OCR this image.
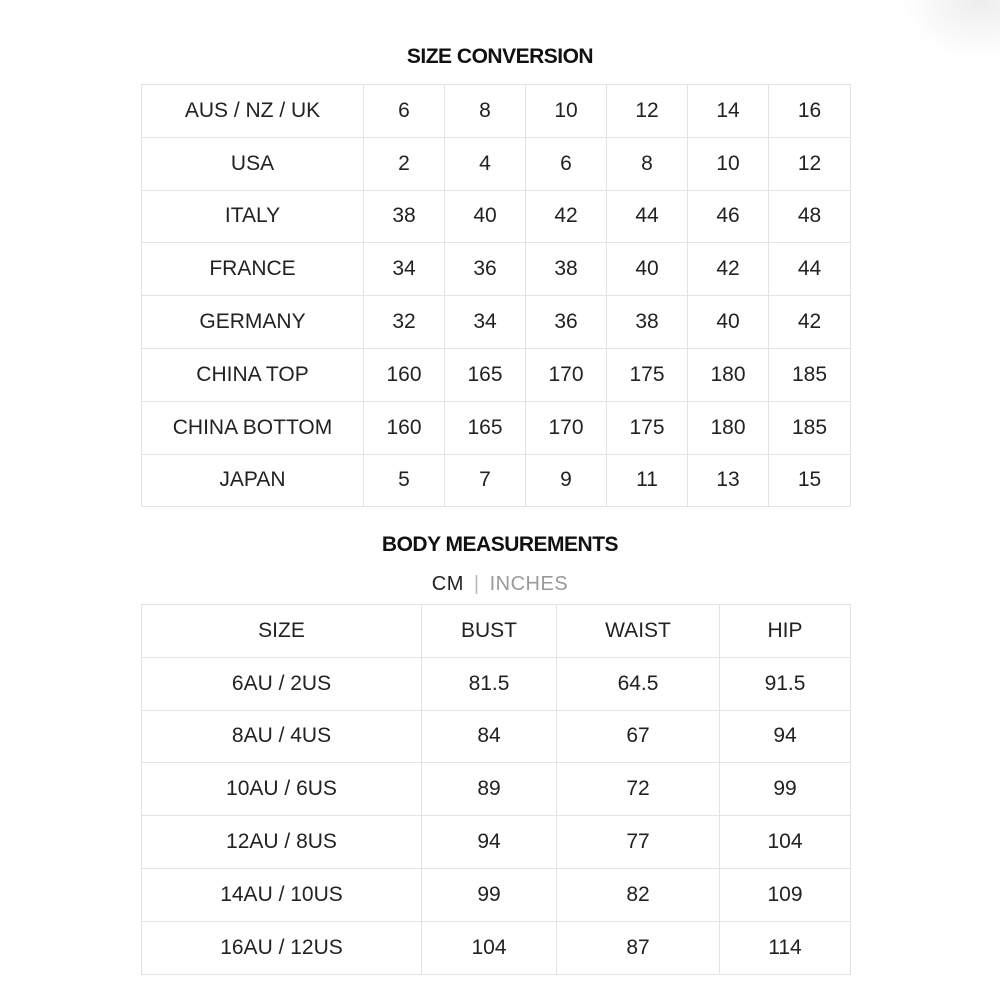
SIZE CONVERSION
AUS / NZ / UK	6	8	10	12	14	16
USA	2	4	6	8	10	12
ITALY	38	40	42	44	46	48
FRANCE	34	36	38	40	42	44
GERMANY	32	34	36	38	40	42
CHINA TOP	160	165	170	175	180	185
CHINA BOTTOM	160	165	170	175	180	185
JAPAN	5	7	9	11	13	15
BODY MEASUREMENTS
CM | INCHES
SIZE	BUST	WAIST	HIP
6AU / 2US	81.5	64.5	91.5
8AU / 4US	84	67	94
10AU / 6US	89	72	99
12AU / 8US	94	77	104
14AU / 10US	99	82	109
16AU / 12US	104	87	114
